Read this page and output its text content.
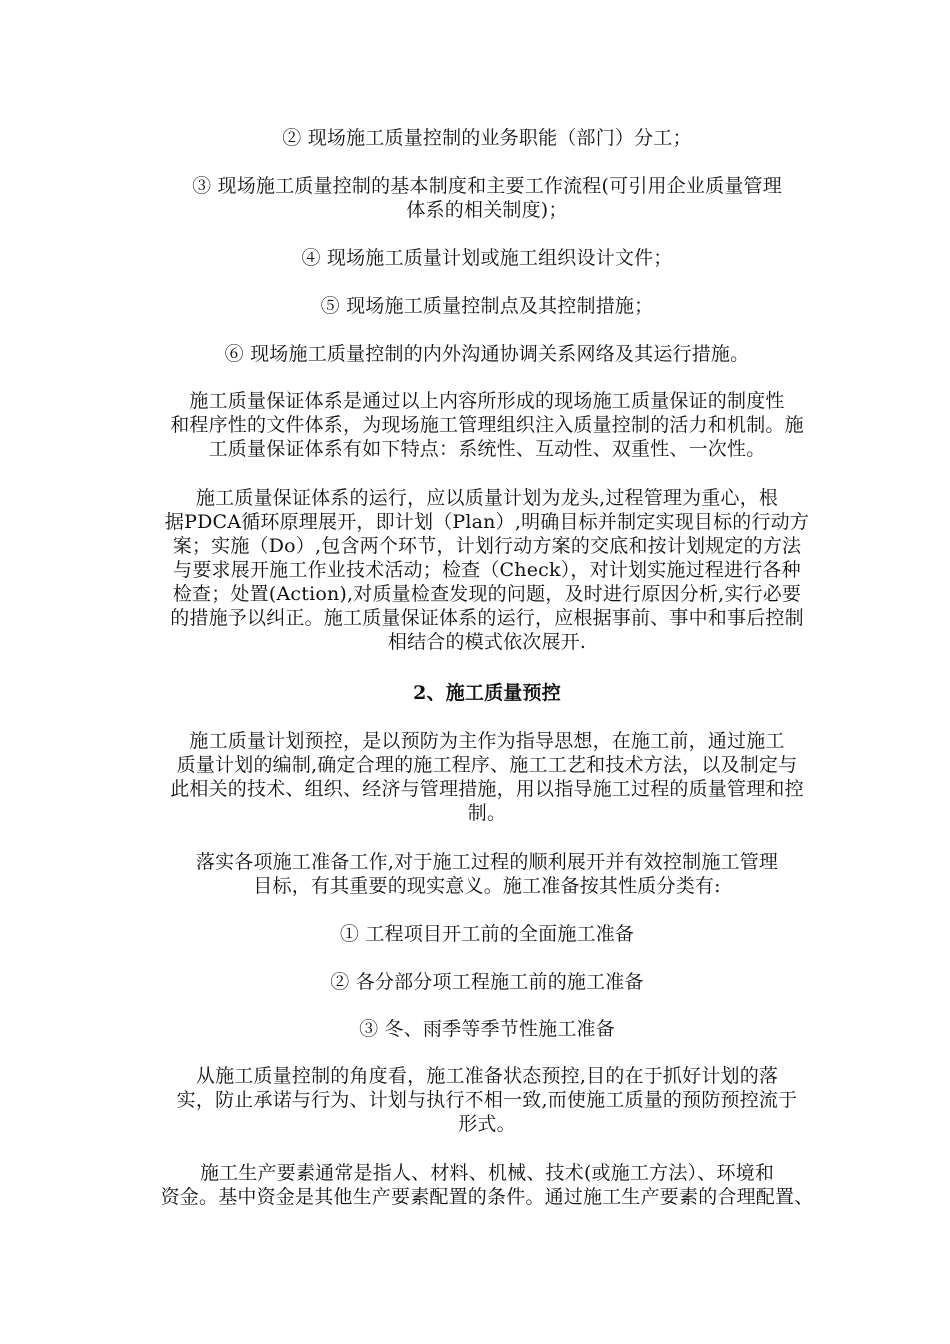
② 现场施工质量控制的业务职能（部门）分工；

③ 现场施工质量控制的基本制度和主要工作流程(可引用企业质量管理

体系的相关制度)；

④ 现场施工质量计划或施工组织设计文件；

⑤ 现场施工质量控制点及其控制措施；

⑥ 现场施工质量控制的内外沟通协调关系网络及其运行措施。

施工质量保证体系是通过以上内容所形成的现场施工质量保证的制度性

和程序性的文件体系，为现场施工管理组织注入质量控制的活力和机制。施

工质量保证体系有如下特点：系统性、互动性、双重性、一次性。

施工质量保证体系的运行，应以质量计划为龙头,过程管理为重心，根

据PDCA循环原理展开，即计划（Plan）,明确目标并制定实现目标的行动方

案；实施（Do）,包含两个环节，计划行动方案的交底和按计划规定的方法

与要求展开施工作业技术活动；检查（Check），对计划实施过程进行各种

检查；处置(Action),对质量检查发现的问题，及时进行原因分析,实行必要

的措施予以纠正。施工质量保证体系的运行，应根据事前、事中和事后控制

相结合的模式依次展开.

2、施工质量预控

施工质量计划预控，是以预防为主作为指导思想，在施工前，通过施工

质量计划的编制,确定合理的施工程序、施工工艺和技术方法，以及制定与

此相关的技术、组织、经济与管理措施，用以指导施工过程的质量管理和控

制。

落实各项施工准备工作,对于施工过程的顺利展开并有效控制施工管理

目标，有其重要的现实意义。施工准备按其性质分类有:

① 工程项目开工前的全面施工准备

② 各分部分项工程施工前的施工准备

③ 冬、雨季等季节性施工准备

从施工质量控制的角度看，施工准备状态预控,目的在于抓好计划的落

实，防止承诺与行为、计划与执行不相一致,而使施工质量的预防预控流于

形式。

施工生产要素通常是指人、材料、机械、技术(或施工方法）、环境和

资金。基中资金是其他生产要素配置的条件。通过施工生产要素的合理配置、
